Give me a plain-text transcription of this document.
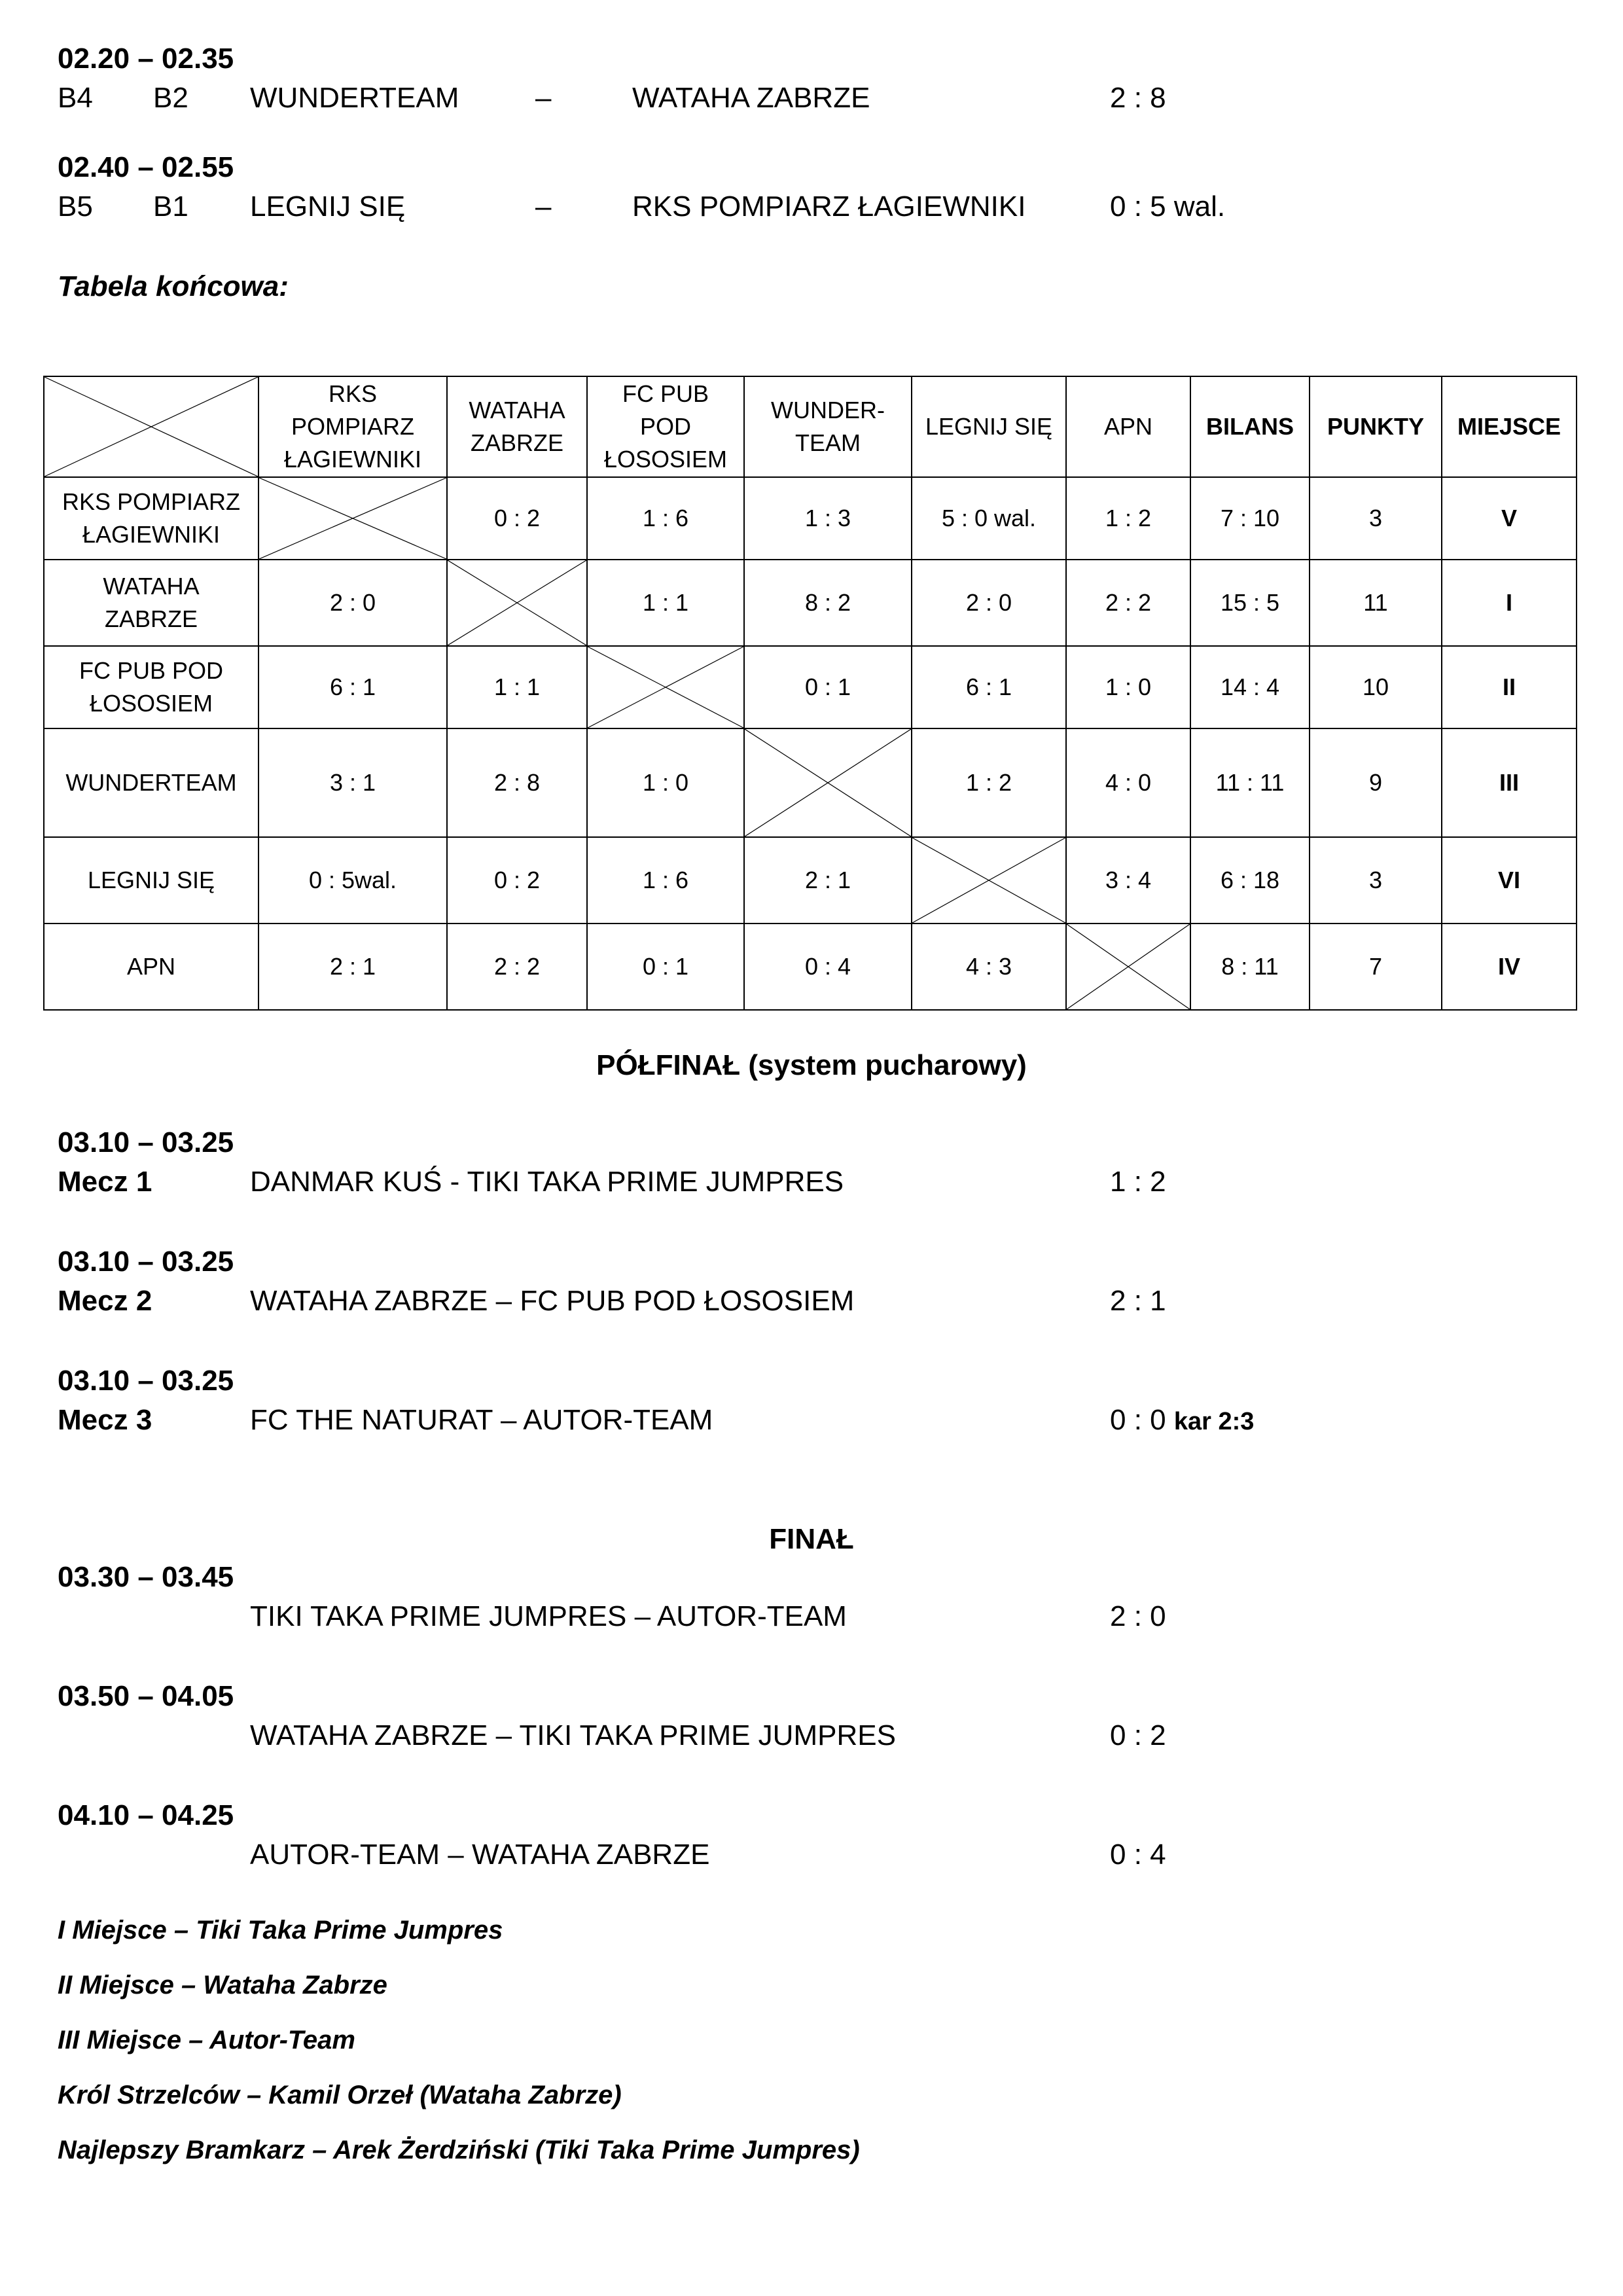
02.20 – 02.35
B4 B2 WUNDERTEAM	–	WATAHA ZABRZE	2 : 8
02.40 – 02.55
B5 B1 LEGNIJ SIĘ	–	RKS POMPIARZ ŁAGIEWNIKI	0 : 5 wal.
Tabela końcowa:
	RKS POMPIARZ ŁAGIEWNIKI	WATAHA ZABRZE	FC PUB POD ŁOSOSIEM	WUNDER-TEAM	LEGNIJ SIĘ	APN	BILANS	PUNKTY	MIEJSCE
RKS POMPIARZ ŁAGIEWNIKI		0 : 2	1 : 6	1 : 3	5 : 0 wal.	1 : 2	7 : 10	3	V
WATAHA ZABRZE	2 : 0		1 : 1	8 : 2	2 : 0	2 : 2	15 : 5	11	I
FC PUB POD ŁOSOSIEM	6 : 1	1 : 1		0 : 1	6 : 1	1 : 0	14 : 4	10	II
WUNDERTEAM	3 : 1	2 : 8	1 : 0		1 : 2	4 : 0	11 : 11	9	III
LEGNIJ SIĘ	0 : 5wal.	0 : 2	1 : 6	2 : 1		3 : 4	6 : 18	3	VI
APN	2 : 1	2 : 2	0 : 1	0 : 4	4 : 3		8 : 11	7	IV
PÓŁFINAŁ (system pucharowy)
03.10 – 03.25
Mecz 1	DANMAR KUŚ - TIKI TAKA PRIME JUMPRES	1 : 2
03.10 – 03.25
Mecz 2	WATAHA ZABRZE – FC PUB POD ŁOSOSIEM	2 : 1
03.10 – 03.25
Mecz 3	FC THE NATURAT – AUTOR-TEAM	0 : 0 kar 2:3
FINAŁ
03.30 – 03.45
TIKI TAKA PRIME JUMPRES – AUTOR-TEAM	2 : 0
03.50 – 04.05
WATAHA ZABRZE – TIKI TAKA PRIME JUMPRES	0 : 2
04.10 – 04.25
AUTOR-TEAM – WATAHA ZABRZE	0 : 4
I Miejsce – Tiki Taka Prime Jumpres
II Miejsce – Wataha Zabrze
III Miejsce – Autor-Team
Król Strzelców – Kamil Orzeł (Wataha Zabrze)
Najlepszy Bramkarz – Arek Żerdziński (Tiki Taka Prime Jumpres)
